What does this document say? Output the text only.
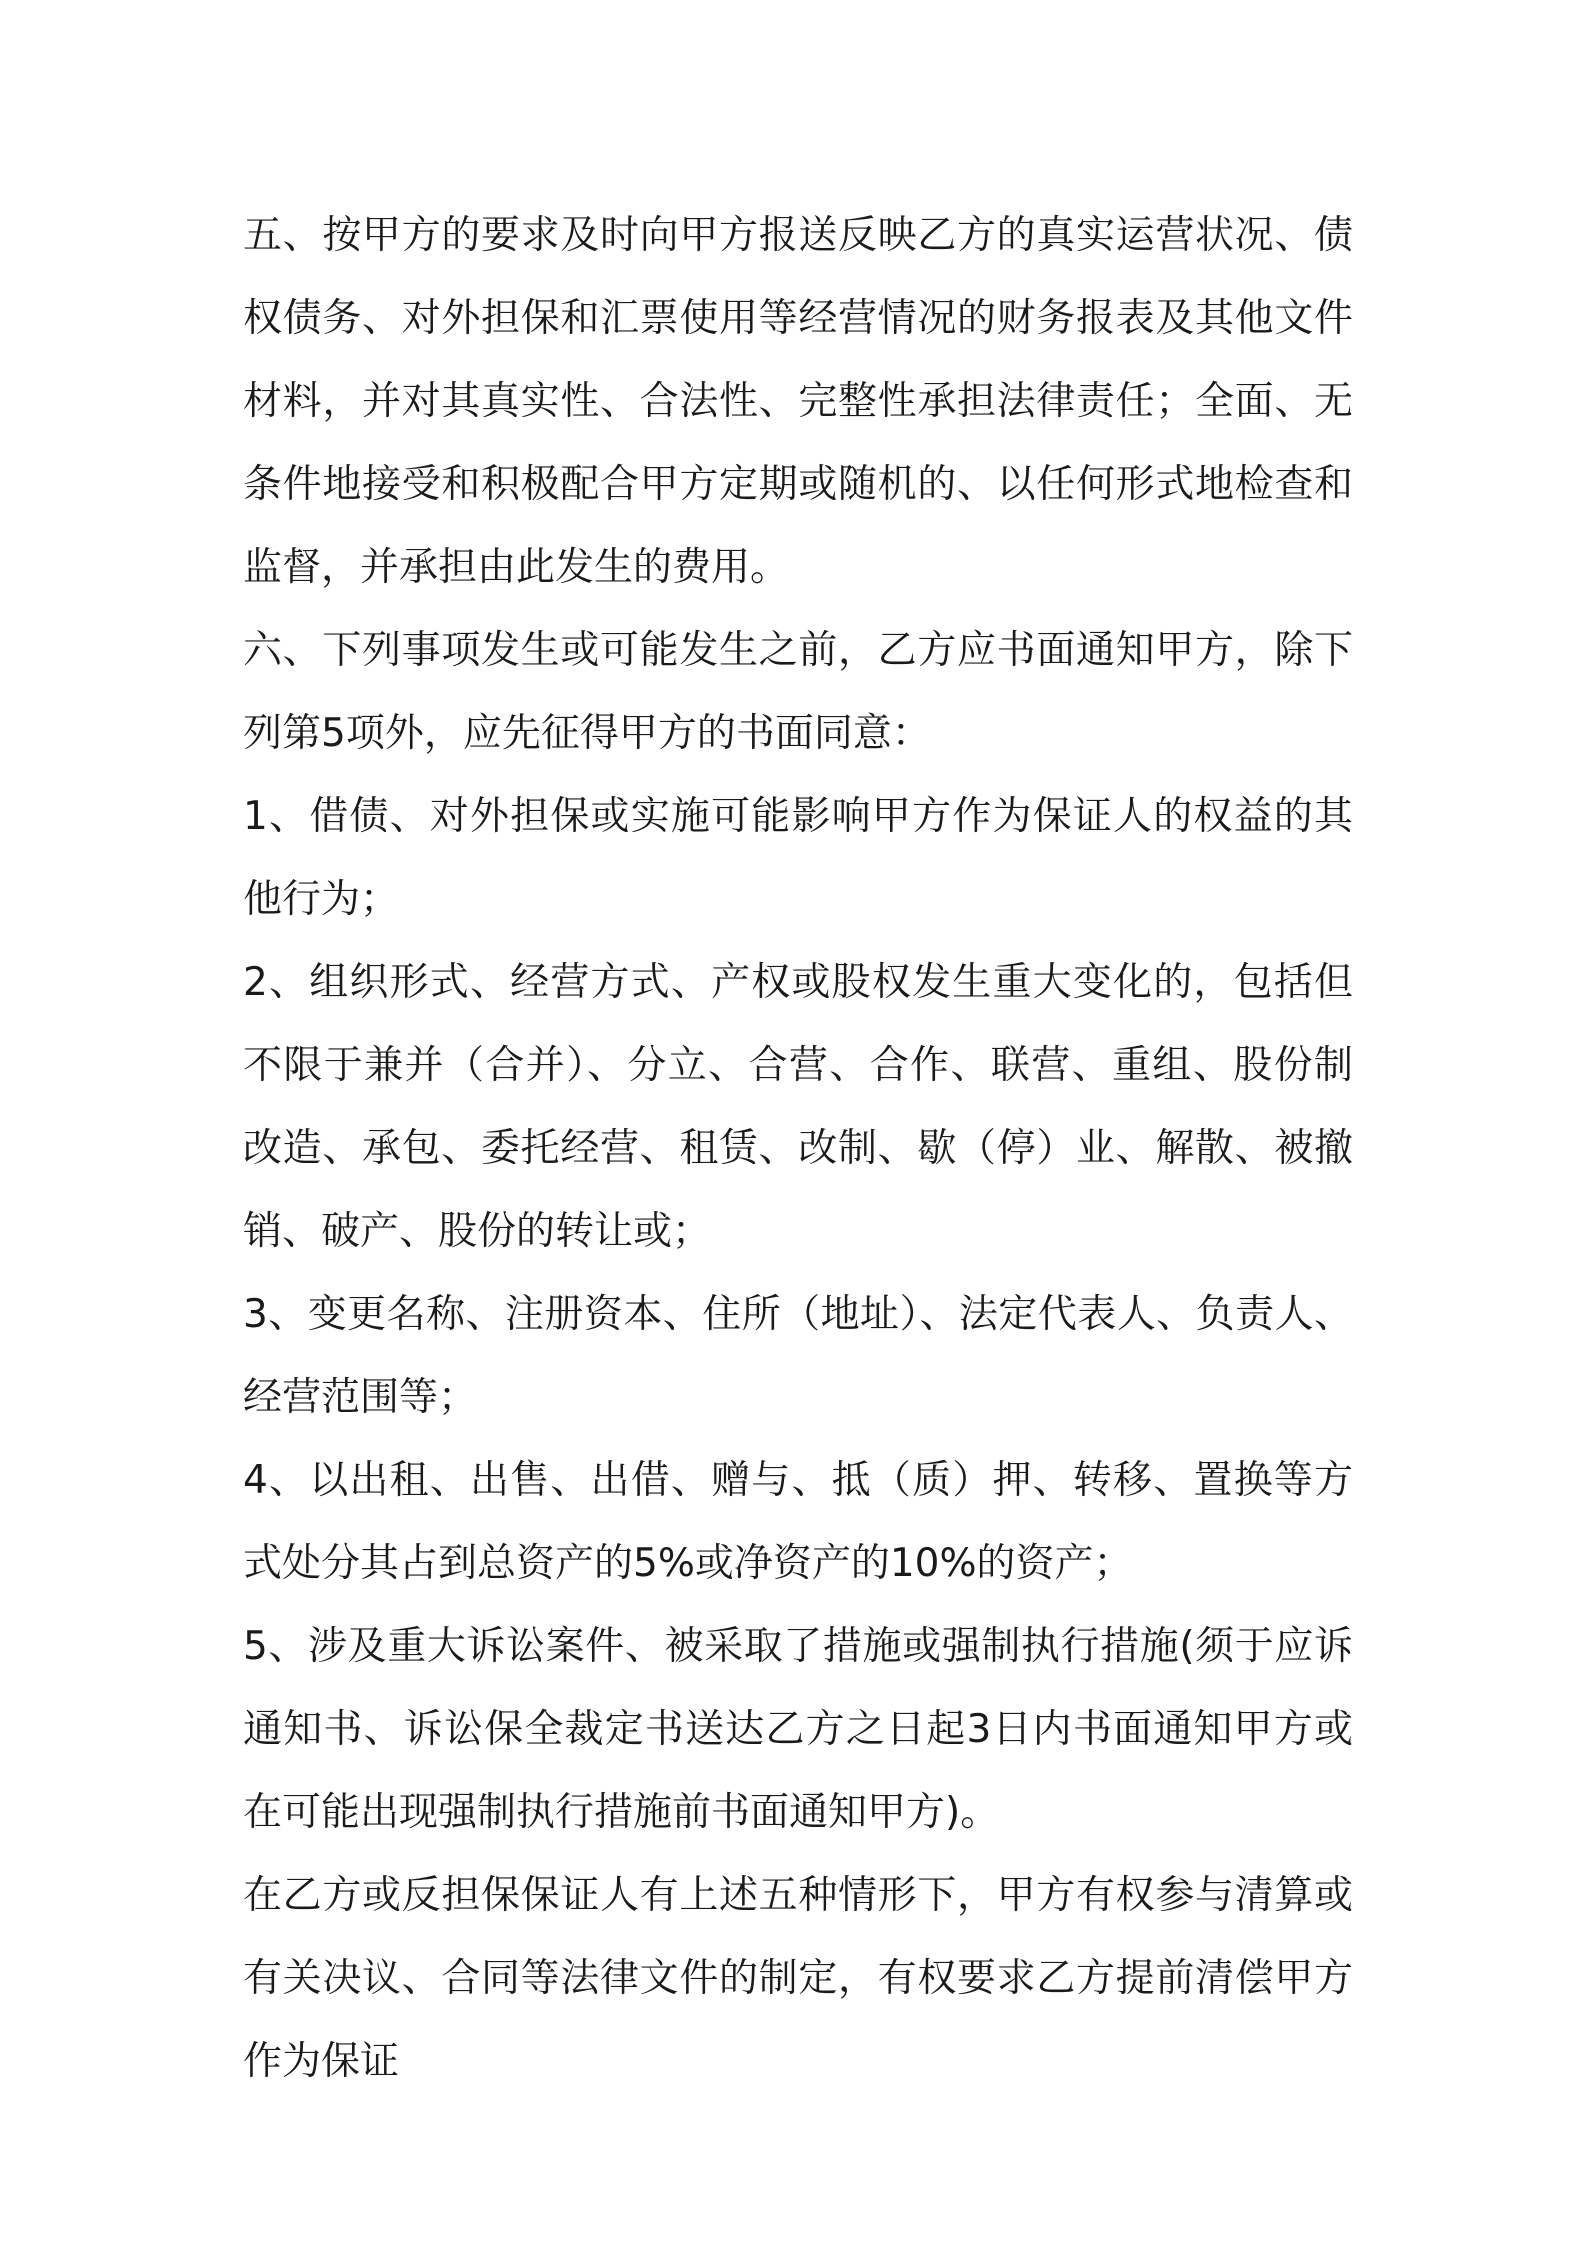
五、按甲方的要求及时向甲方报送反映乙方的真实运营状况、债权债务、对外担保和汇票使用等经营情况的财务报表及其他文件材料，并对其真实性、合法性、完整性承担法律责任；全面、无条件地接受和积极配合甲方定期或随机的、以任何形式地检查和监督，并承担由此发生的费用。

六、下列事项发生或可能发生之前，乙方应书面通知甲方，除下列第5项外，应先征得甲方的书面同意：

1、借债、对外担保或实施可能影响甲方作为保证人的权益的其他行为；

2、组织形式、经营方式、产权或股权发生重大变化的，包括但不限于兼并（合并）、分立、合营、合作、联营、重组、股份制改造、承包、委托经营、租赁、改制、歇（停）业、解散、被撤销、破产、股份的转让或；

3、变更名称、注册资本、住所（地址）、法定代表人、负责人、经营范围等；

4、以出租、出售、出借、赠与、抵（质）押、转移、置换等方式处分其占到总资产的5%或净资产的10%的资产；

5、涉及重大诉讼案件、被采取了措施或强制执行措施(须于应诉通知书、诉讼保全裁定书送达乙方之日起3日内书面通知甲方或在可能出现强制执行措施前书面通知甲方)。

在乙方或反担保保证人有上述五种情形下，甲方有权参与清算或有关决议、合同等法律文件的制定，有权要求乙方提前清偿甲方作为保证
